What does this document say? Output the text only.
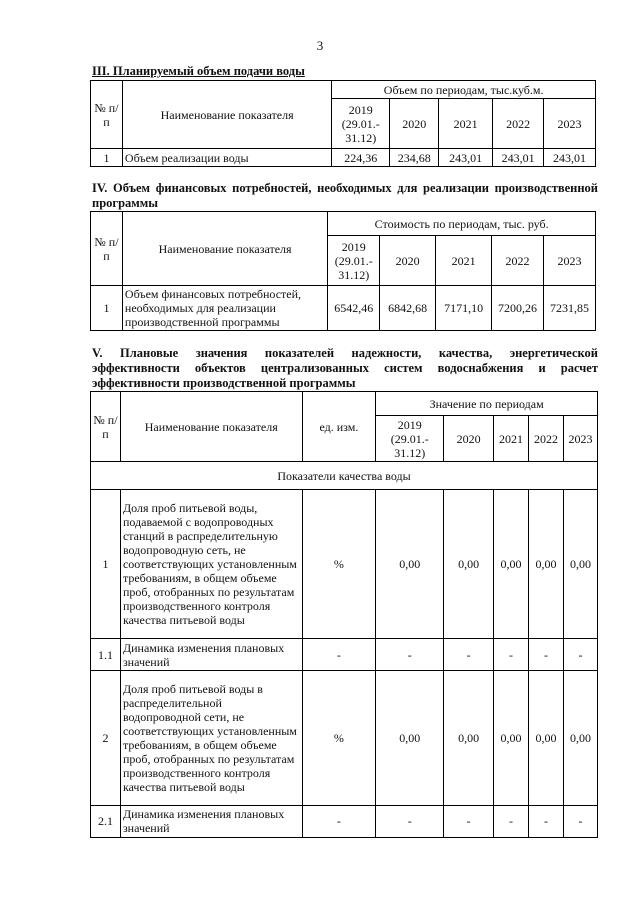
3
III. Планируемый объем подачи воды
№ п/п	Наименование показателя	Объем по периодам, тыс.куб.м.				
		2019 (29.01.- 31.12)	2020	2021	2022	2023
1	Объем реализации воды	224,36	234,68	243,01	243,01	243,01
IV. Объем финансовых потребностей, необходимых для реализации производственной программы
№ п/п	Наименование показателя	Стоимость по периодам, тыс. руб.				
		2019 (29.01.- 31.12)	2020	2021	2022	2023
1	Объем финансовых потребностей, необходимых для реализации производственной программы	6542,46	6842,68	7171,10	7200,26	7231,85
V. Плановые значения показателей надежности, качества, энергетической эффективности объектов централизованных систем водоснабжения и расчет эффективности производственной программы
№ п/п	Наименование показателя	ед. изм.	Значение по периодам				
			2019 (29.01.- 31.12)	2020	2021	2022	2023
Показатели качества воды							
1	Доля проб питьевой воды, подаваемой с водопроводных станций в распределительную водопроводную сеть, не соответствующих установленным требованиям, в общем объеме проб, отобранных по результатам производственного контроля качества питьевой воды	%	0,00	0,00	0,00	0,00	0,00
1.1	Динамика изменения плановых значений	-	-	-	-	-	-
2	Доля проб питьевой воды в распределительной водопроводной сети, не соответствующих установленным требованиям, в общем объеме проб, отобранных по результатам производственного контроля качества питьевой воды	%	0,00	0,00	0,00	0,00	0,00
2.1	Динамика изменения плановых значений	-	-	-	-	-	-
